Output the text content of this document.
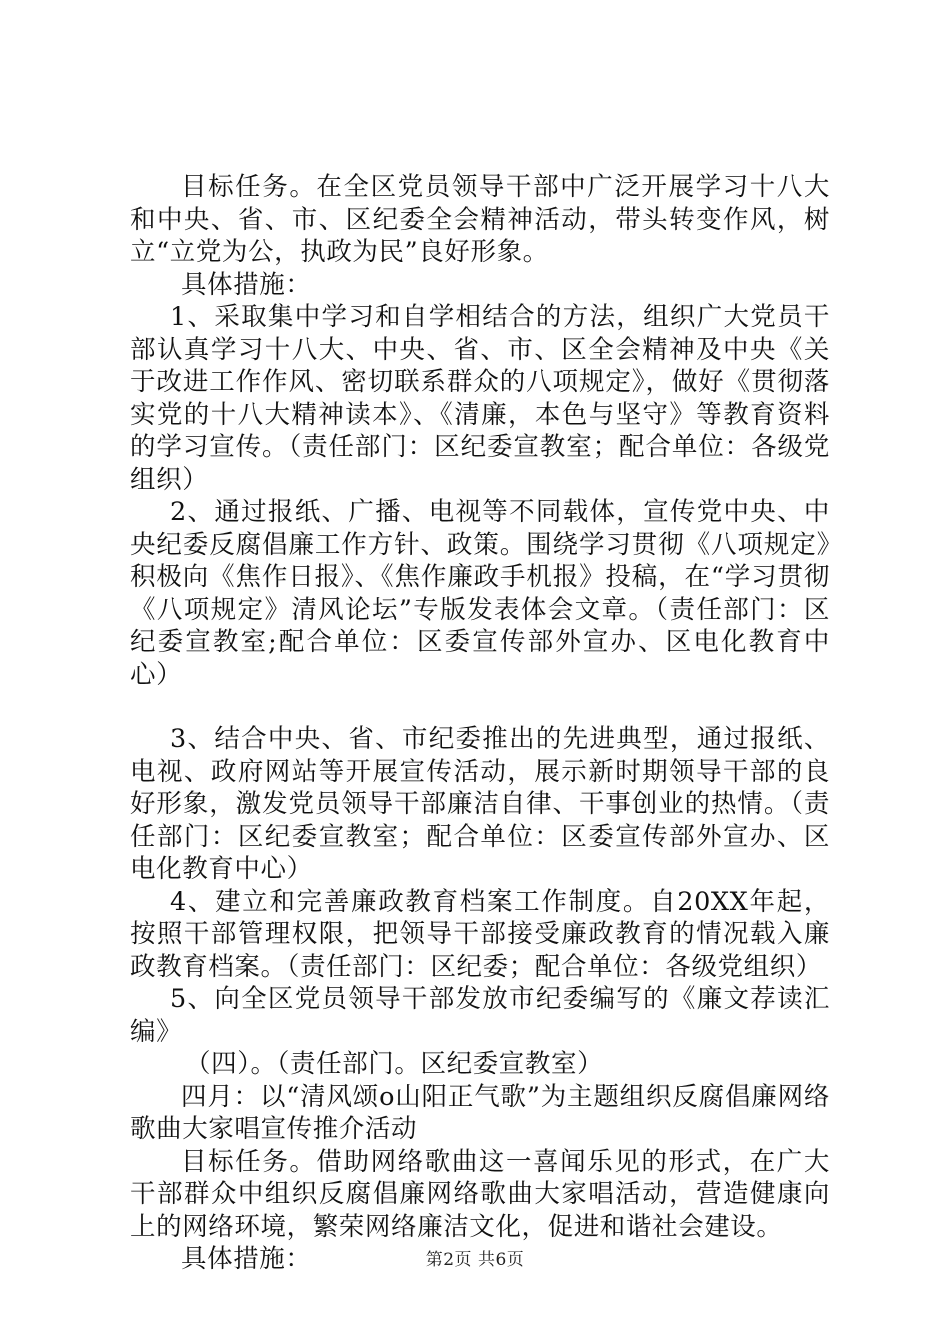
目标任务。在全区党员领导干部中广泛开展学习十八大和中央、省、市、区纪委全会精神活动，带头转变作风，树立“立党为公，执政为民”良好形象。

具体措施：

1、采取集中学习和自学相结合的方法，组织广大党员干部认真学习十八大、中央、省、市、区全会精神及中央《关于改进工作作风、密切联系群众的八项规定》，做好《贯彻落实党的十八大精神读本》、《清廉，本色与坚守》等教育资料的学习宣传。（责任部门：区纪委宣教室；配合单位：各级党组织）

2、通过报纸、广播、电视等不同载体，宣传党中央、中央纪委反腐倡廉工作方针、政策。围绕学习贯彻《八项规定》积极向《焦作日报》、《焦作廉政手机报》投稿，在“学习贯彻《八项规定》清风论坛”专版发表体会文章。（责任部门：区纪委宣教室;配合单位：区委宣传部外宣办、区电化教育中心）

3、结合中央、省、市纪委推出的先进典型，通过报纸、电视、政府网站等开展宣传活动，展示新时期领导干部的良好形象，激发党员领导干部廉洁自律、干事创业的热情。（责任部门：区纪委宣教室；配合单位：区委宣传部外宣办、区电化教育中心）

4、建立和完善廉政教育档案工作制度。自20XX年起，按照干部管理权限，把领导干部接受廉政教育的情况载入廉政教育档案。（责任部门：区纪委；配合单位：各级党组织）

5、向全区党员领导干部发放市纪委编写的《廉文荐读汇编》

（四）。（责任部门。区纪委宣教室）

四月：以“清风颂o山阳正气歌”为主题组织反腐倡廉网络歌曲大家唱宣传推介活动

目标任务。借助网络歌曲这一喜闻乐见的形式，在广大干部群众中组织反腐倡廉网络歌曲大家唱活动，营造健康向上的网络环境，繁荣网络廉洁文化，促进和谐社会建设。

具体措施：	第2页 共6页
